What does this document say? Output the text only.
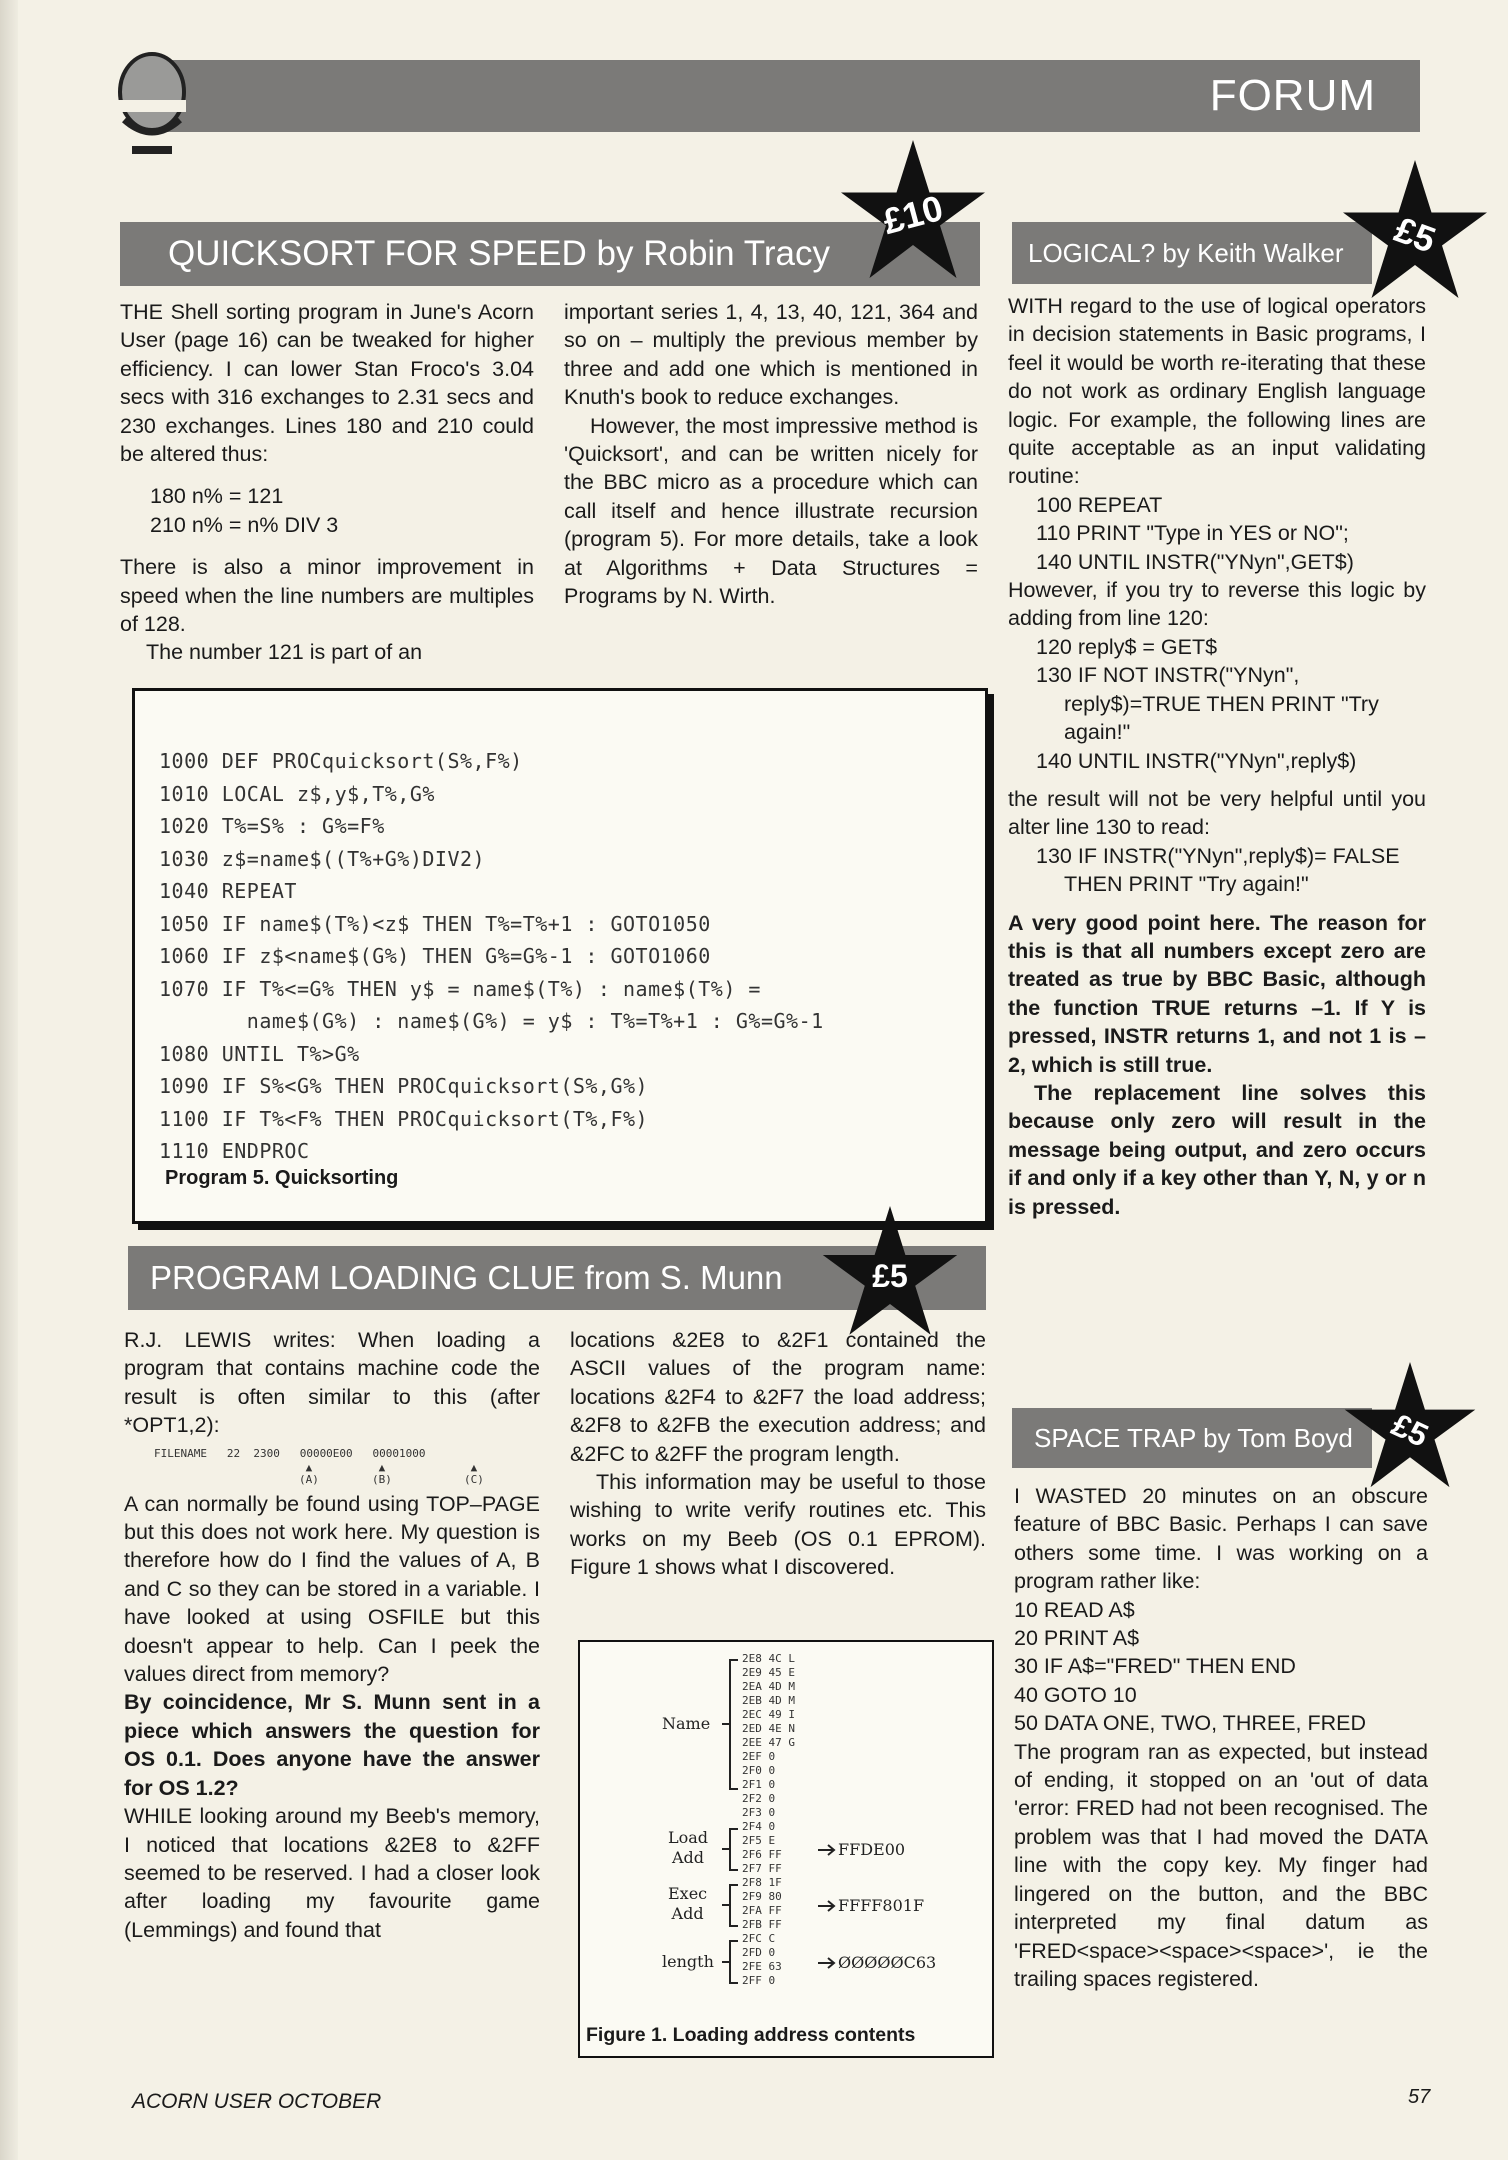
FORUM
QUICKSORT FOR SPEED by Robin Tracy
£10
LOGICAL? by Keith Walker	£5

THE Shell sorting program in June's Acorn User (page 16) can be tweaked for higher efficiency. I can lower Stan Froco's 3.04 secs with 316 exchanges to 2.31 secs and 230 exchanges. Lines 180 and 210 could be altered thus:

180 n% = 121

210 n% = n% DIV 3

There is also a minor improvement in speed when the line numbers are multiples of 128.

The number 121 is part of an

important series 1, 4, 13, 40, 121, 364 and so on – multiply the previous member by three and add one which is mentioned in Knuth's book to reduce exchanges.

However, the most impressive method is 'Quicksort', and can be written nicely for the BBC micro as a procedure which can call itself and hence illustrate recursion (program 5). For more details, take a look at Algorithms + Data Structures = Programs by N. Wirth.

1000 DEF PROCquicksort(S%,F%)
1010 LOCAL z$,y$,T%,G%
1020 T%=S% : G%=F%
1030 z$=name$((T%+G%)DIV2)
1040 REPEAT
1050 IF name$(T%)<z$ THEN T%=T%+1 : GOTO1050
1060 IF z$<name$(G%) THEN G%=G%-1 : GOTO1060
1070 IF T%<=G% THEN y$ = name$(T%) : name$(T%) =
name$(G%) : name$(G%) = y$ : T%=T%+1 : G%=G%-1
1080 UNTIL T%>G%
1090 IF S%<G% THEN PROCquicksort(S%,G%)
1100 IF T%<F% THEN PROCquicksort(T%,F%)
1110 ENDPROC
Program 5. Quicksorting
PROGRAM LOADING CLUE from S. Munn	£5

R.J. LEWIS writes: When loading a program that contains machine code the result is often similar to this (after *OPT1,2):

FILENAME   22  2300   00000E00   00001000
▲
(A)
▲
(B)
▲
(C)

A can normally be found using TOP–PAGE but this does not work here. My question is therefore how do I find the values of A, B and C so they can be stored in a variable. I have looked at using OSFILE but this doesn't appear to help. Can I peek the values direct from memory?

By coincidence, Mr S. Munn sent in a piece which answers the question for OS 0.1. Does anyone have the answer for OS 1.2?

WHILE looking around my Beeb's memory, I noticed that locations &2E8 to &2FF seemed to be reserved. I had a closer look after loading my favourite game (Lemmings) and found that

locations &2E8 to &2F1 contained the ASCII values of the program name: locations &2F4 to &2F7 the load address; &2F8 to &2FB the execution address; and &2FC to &2FF the program length.

This information may be useful to those wishing to write verify routines etc. This works on my Beeb (OS 0.1 EPROM). Figure 1 shows what I discovered.

2E8 4C L
2E9 45 E
2EA 4D M
2EB 4D M
2EC 49 I
2ED 4E N
2EE 47 G
2EF 0
2F0 0
2F1 0
2F2 0
2F3 0
2F4 0
2F5 E
2F6 FF
2F7 FF
2F8 1F
2F9 80
2FA FF
2FB FF
2FC C
2FD 0
2FE 63
2FF 0
Name
Load
Add
Exec
Add
length
FFDE00
FFFF801F
ØØØØØC63
Figure 1. Loading address contents

WITH regard to the use of logical operators in decision statements in Basic programs, I feel it would be worth re-iterating that these do not work as ordinary English language logic. For example, the following lines are quite acceptable as an input validating routine:

100 REPEAT

110 PRINT "Type in YES or NO";

140 UNTIL INSTR("YNyn",GET$)

However, if you try to reverse this logic by adding from line 120:

120 reply$ = GET$

130 IF NOT INSTR("YNyn", reply$)=TRUE THEN PRINT "Try again!"

140 UNTIL INSTR("YNyn",reply$)

the result will not be very helpful until you alter line 130 to read:

130 IF INSTR("YNyn",reply$)= FALSE THEN PRINT "Try again!"

A very good point here. The reason for this is that all numbers except zero are treated as true by BBC Basic, although the function TRUE returns –1. If Y is pressed, INSTR returns 1, and not 1 is –2, which is still true.

The replacement line solves this because only zero will result in the message being output, and zero occurs if and only if a key other than Y, N, y or n is pressed.

SPACE TRAP by Tom Boyd	£5

I WASTED 20 minutes on an obscure feature of BBC Basic. Perhaps I can save others some time. I was working on a program rather like:

10 READ A$

20 PRINT A$

30 IF A$="FRED" THEN END

40 GOTO 10

50 DATA ONE, TWO, THREE, FRED

The program ran as expected, but instead of ending, it stopped on an 'out of data 'error: FRED had not been recognised. The problem was that I had moved the DATA line with the copy key. My finger had lingered on the button, and the BBC interpreted my final datum as 'FRED<space><space><space>', ie the trailing spaces registered.

ACORN USER OCTOBER	57
